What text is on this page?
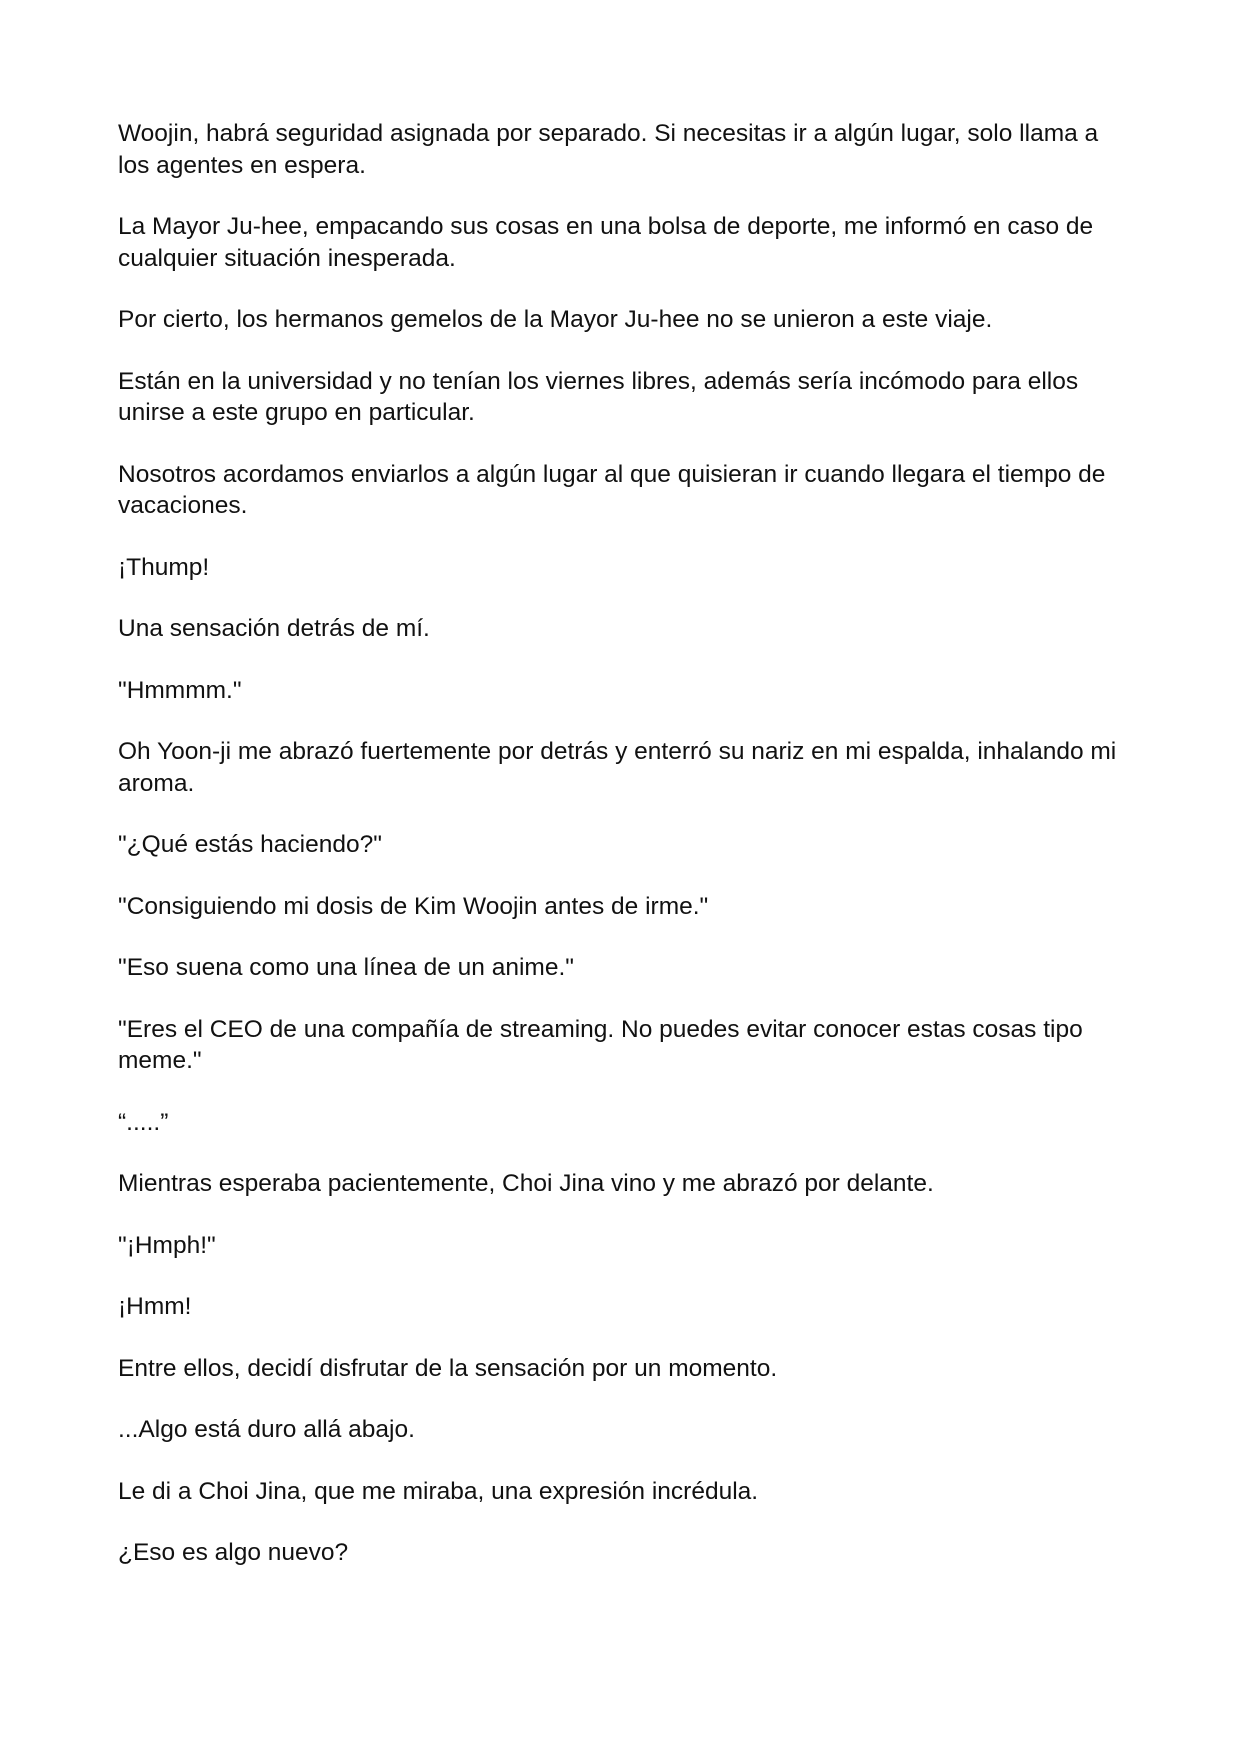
Woojin, habrá seguridad asignada por separado. Si necesitas ir a algún lugar, solo llama a los agentes en espera.

La Mayor Ju-hee, empacando sus cosas en una bolsa de deporte, me informó en caso de cualquier situación inesperada.

Por cierto, los hermanos gemelos de la Mayor Ju-hee no se unieron a este viaje.

Están en la universidad y no tenían los viernes libres, además sería incómodo para ellos unirse a este grupo en particular.

Nosotros acordamos enviarlos a algún lugar al que quisieran ir cuando llegara el tiempo de vacaciones.

¡Thump!

Una sensación detrás de mí.

"Hmmmm."

Oh Yoon-ji me abrazó fuertemente por detrás y enterró su nariz en mi espalda, inhalando mi aroma.

"¿Qué estás haciendo?"

"Consiguiendo mi dosis de Kim Woojin antes de irme."

"Eso suena como una línea de un anime."

"Eres el CEO de una compañía de streaming. No puedes evitar conocer estas cosas tipo meme."

“.....”

Mientras esperaba pacientemente, Choi Jina vino y me abrazó por delante.

"¡Hmph!"

¡Hmm!

Entre ellos, decidí disfrutar de la sensación por un momento.

...Algo está duro allá abajo.

Le di a Choi Jina, que me miraba, una expresión incrédula.

¿Eso es algo nuevo?
